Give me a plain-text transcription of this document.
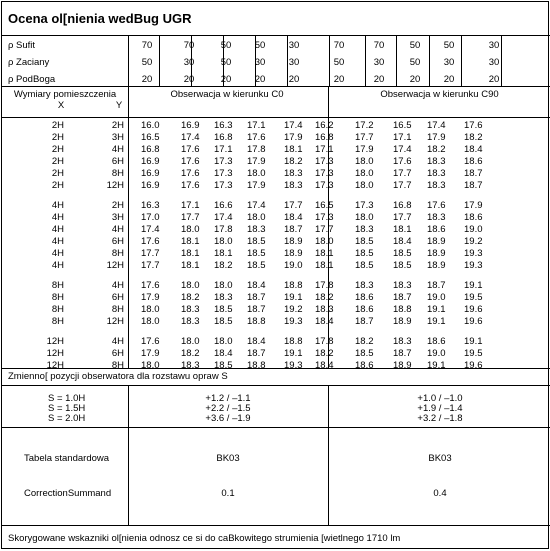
Ocena ol[nienia wedBug UGR
ρ Sufit	70	70	50	50	30	70	70	50	50	30
ρ Zaciany	50	30	50	30	30	50	30	50	30	30
ρ PodBoga	20	20	20	20	20	20	20	20	20	20
Wymiary pomieszczenia
X	Y
Obserwacja w kierunku C0	Obserwacja w kierunku C90
2H	2H 16.0 16.9 16.3 17.1 17.4 16.2 17.2 16.5 17.4 17.6
2H	3H 16.5 17.4 16.8 17.6 17.9 16.8 17.7 17.1 17.9 18.2
2H	4H 16.8 17.6 17.1 17.8 18.1 17.1 17.9 17.4 18.2 18.4
2H	6H 16.9 17.6 17.3 17.9 18.2 17.3 18.0 17.6 18.3 18.6
2H	8H 16.9 17.6 17.3 18.0 18.3 17.3 18.0 17.7 18.3 18.7
2H	12H 16.9 17.6 17.3 17.9 18.3 17.3 18.0 17.7 18.3 18.7
4H	2H 16.3 17.1 16.6 17.4 17.7 16.5 17.3 16.8 17.6 17.9
4H	3H 17.0 17.7 17.4 18.0 18.4 17.3 18.0 17.7 18.3 18.6
4H	4H 17.4 18.0 17.8 18.3 18.7 17.7 18.3 18.1 18.6 19.0
4H	6H 17.6 18.1 18.0 18.5 18.9 18.0 18.5 18.4 18.9 19.2
4H	8H 17.7 18.1 18.1 18.5 18.9 18.1 18.5 18.5 18.9 19.3
4H	12H 17.7 18.1 18.2 18.5 19.0 18.1 18.5 18.5 18.9 19.3
8H	4H 17.6 18.0 18.0 18.4 18.8 17.8 18.3 18.3 18.7 19.1
8H	6H 17.9 18.2 18.3 18.7 19.1 18.2 18.6 18.7 19.0 19.5
8H	8H 18.0 18.3 18.5 18.7 19.2 18.3 18.6 18.8 19.1 19.6
8H	12H 18.0 18.3 18.5 18.8 19.3 18.4 18.7 18.9 19.1 19.6
12H	4H 17.6 18.0 18.0 18.4 18.8 17.8 18.2 18.3 18.6 19.1
12H	6H 17.9 18.2 18.4 18.7 19.1 18.2 18.5 18.7 19.0 19.5
12H	8H 18.0 18.3 18.5 18.8 19.3 18.4 18.6 18.9 19.1 19.6
Zmienno[ pozycji obserwatora dla rozstawu opraw S
S = 1.0H	+1.2 / –1.1	+1.0 / –1.0
S = 1.5H	+2.2 / –1.5	+1.9 / –1.4
S = 2.0H	+3.6 / –1.9	+3.2 / –1.8
Tabela standardowa	BK03	BK03
CorrectionSummand	0.1	0.4
Skorygowane wskazniki ol[nienia odnosz ce si do caBkowitego strumienia [wietlnego 1710 lm
